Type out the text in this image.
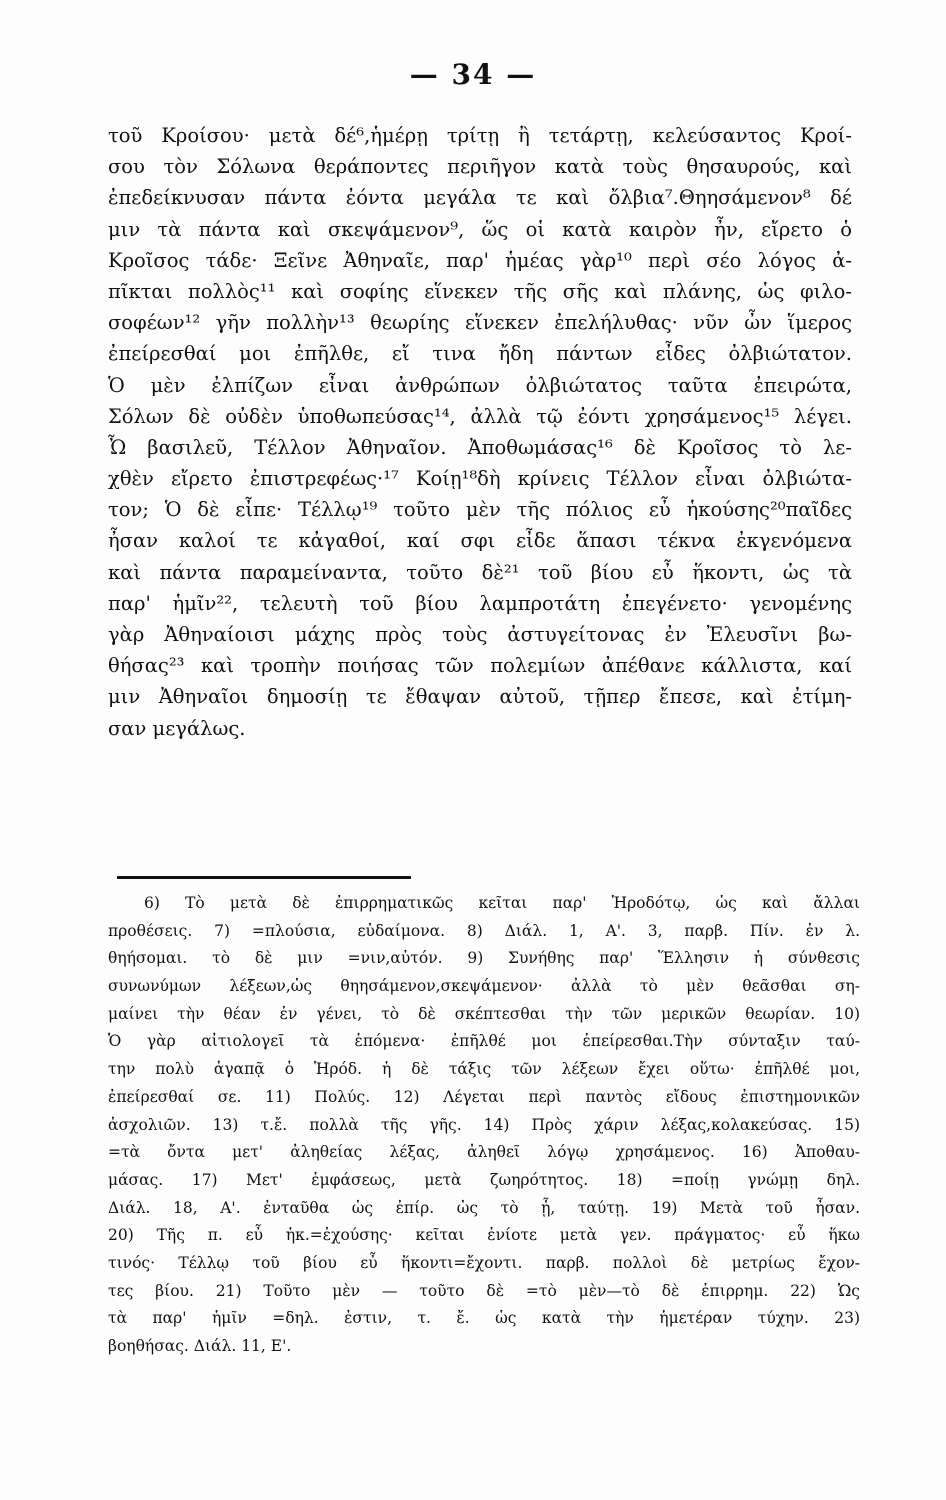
— 34 —
τοῦ Κροίσου· μετὰ δέ⁶,ἡμέρῃ τρίτῃ ἢ τετάρτῃ, κελεύσαντος Κροί-
σου τὸν Σόλωνα θεράποντες περιῆγον κατὰ τοὺς θησαυρούς, καὶ
ἐπεδείκνυσαν πάντα ἐόντα μεγάλα τε καὶ ὄλβια⁷.Θηησάμενον⁸ δέ
μιν τὰ πάντα καὶ σκεψάμενον⁹, ὥς οἱ κατὰ καιρὸν ἦν, εἴρετο ὁ
Κροῖσος τάδε· Ξεῖνε Ἀθηναῖε, παρ' ἡμέας γὰρ¹⁰ περὶ σέο λόγος ἀ-
πῖκται πολλὸς¹¹ καὶ σοφίης εἵνεκεν τῆς σῆς καὶ πλάνης, ὡς φιλο-
σοφέων¹² γῆν πολλὴν¹³ θεωρίης εἵνεκεν ἐπελήλυθας· νῦν ὦν ἵμερος
ἐπείρεσθαί μοι ἐπῆλθε, εἴ τινα ἤδη πάντων εἶδες ὀλβιώτατον.
Ὁ μὲν ἐλπίζων εἶναι ἀνθρώπων ὀλβιώτατος ταῦτα ἐπειρώτα,
Σόλων δὲ οὐδὲν ὑποθωπεύσας¹⁴, ἀλλὰ τῷ ἐόντι χρησάμενος¹⁵ λέγει.
Ὦ βασιλεῦ, Τέλλον Ἀθηναῖον. Ἀποθωμάσας¹⁶ δὲ Κροῖσος τὸ λε-
χθὲν εἴρετο ἐπιστρεφέως·¹⁷ Κοίῃ¹⁸δὴ κρίνεις Τέλλον εἶναι ὀλβιώτα-
τον; Ὁ δὲ εἶπε· Τέλλῳ¹⁹ τοῦτο μὲν τῆς πόλιος εὖ ἡκούσης²⁰παῖδες
ἦσαν καλοί τε κἀγαθοί, καί σφι εἶδε ἅπασι τέκνα ἐκγενόμενα
καὶ πάντα παραμείναντα, τοῦτο δὲ²¹ τοῦ βίου εὖ ἥκοντι, ὡς τὰ
παρ' ἡμῖν²², τελευτὴ τοῦ βίου λαμπροτάτη ἐπεγένετο· γενομένης
γὰρ Ἀθηναίοισι μάχης πρὸς τοὺς ἀστυγείτονας ἐν Ἐλευσῖνι βω-
θήσας²³ καὶ τροπὴν ποιήσας τῶν πολεμίων ἀπέθανε κάλλιστα, καί
μιν Ἀθηναῖοι δημοσίῃ τε ἔθαψαν αὐτοῦ, τῇπερ ἔπεσε, καὶ ἐτίμη-
σαν μεγάλως.
6) Τὸ μετὰ δὲ ἐπιρρηματικῶς κεῖται παρ' Ἡροδότῳ, ὡς καὶ ἄλλαι
προθέσεις. 7) =πλούσια, εὐδαίμονα. 8) Διάλ. 1, Α'. 3, παρβ. Πίν. ἐν λ.
θηήσομαι. τὸ δὲ μιν =νιν,αὐτόν. 9) Συνήθης παρ' Ἕλλησιν ἡ σύνθεσις
συνωνύμων λέξεων,ὡς θηησάμενον,σκεψάμενον· ἀλλὰ τὸ μὲν θεᾶσθαι ση-
μαίνει τὴν θέαν ἐν γένει, τὸ δὲ σκέπτεσθαι τὴν τῶν μερικῶν θεωρίαν. 10)
Ὁ γὰρ αἰτιολογεῖ τὰ ἑπόμενα· ἐπῆλθέ μοι ἐπείρεσθαι.Τὴν σύνταξιν ταύ-
την πολὺ ἀγαπᾷ ὁ Ἡρόδ. ἡ δὲ τάξις τῶν λέξεων ἔχει οὕτω· ἐπῆλθέ μοι,
ἐπείρεσθαί σε. 11) Πολύς. 12) Λέγεται περὶ παντὸς εἴδους ἐπιστημονικῶν
ἀσχολιῶν. 13) τ.ἔ. πολλὰ τῆς γῆς. 14) Πρὸς χάριν λέξας,κολακεύσας. 15)
=τὰ ὄντα μετ' ἀληθείας λέξας, ἀληθεῖ λόγῳ χρησάμενος. 16) Ἀποθαυ-
μάσας. 17) Μετ' ἐμφάσεως, μετὰ ζωηρότητος. 18) =ποίῃ γνώμῃ δηλ.
Διάλ. 18, Α'. ἐνταῦθα ὡς ἐπίρ. ὡς τὸ ᾗ, ταύτῃ. 19) Μετὰ τοῦ ἦσαν.
20) Τῆς π. εὖ ἡκ.=ἐχούσης· κεῖται ἐνίοτε μετὰ γεν. πράγματος· εὖ ἥκω
τινός· Τέλλῳ τοῦ βίου εὖ ἥκοντι=ἔχοντι. παρβ. πολλοὶ δὲ μετρίως ἔχον-
τες βίου. 21) Τοῦτο μὲν — τοῦτο δὲ =τὸ μὲν—τὸ δὲ ἐπιρρημ. 22) Ὡς
τὰ παρ' ἡμῖν =δηλ. ἐστιν, τ. ἔ. ὡς κατὰ τὴν ἡμετέραν τύχην. 23)
βοηθήσας. Διάλ. 11, Ε'.
